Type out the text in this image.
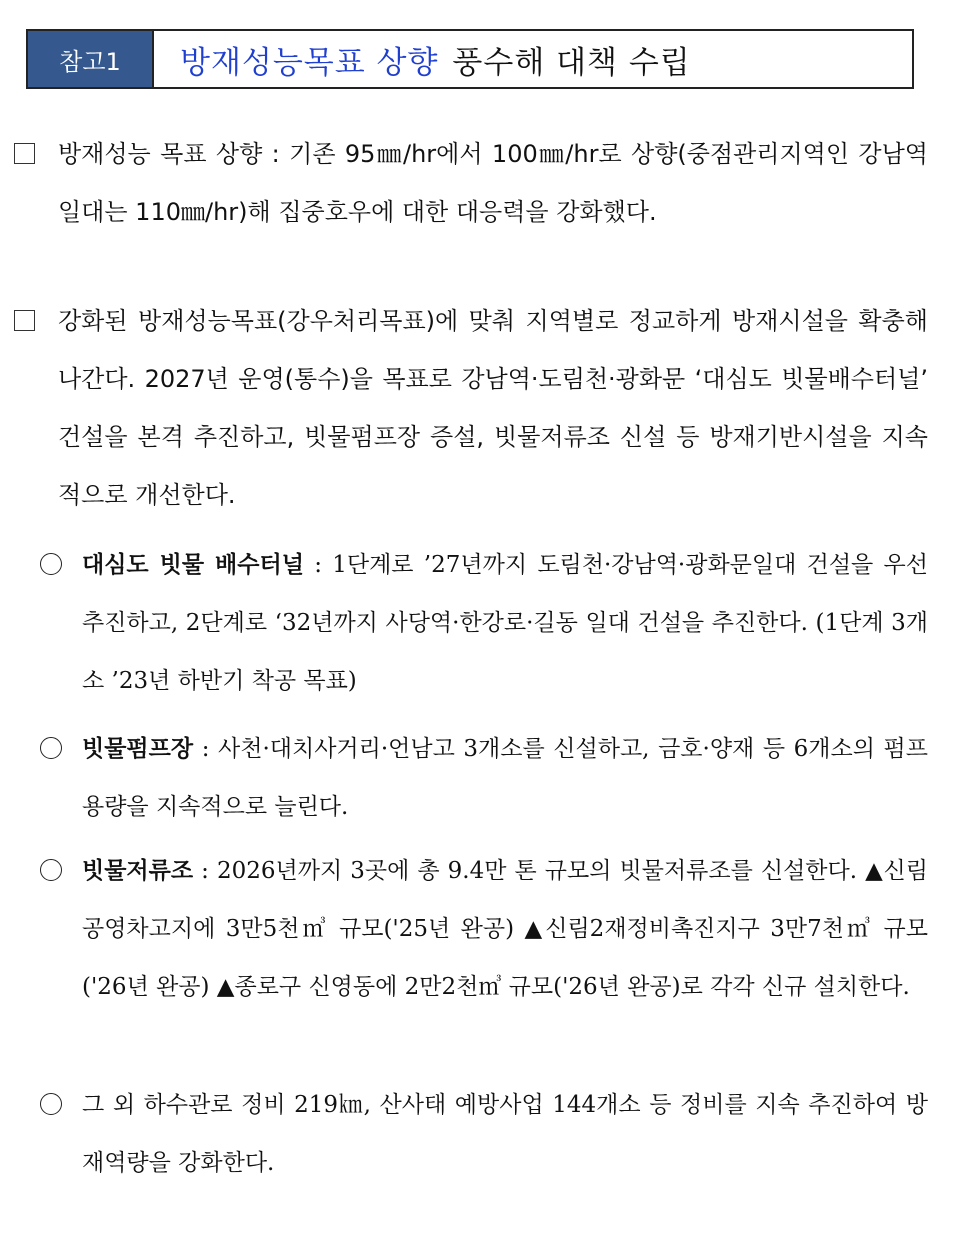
참고1	방재성능목표 상향 풍수해 대책 수립
방재성능 목표 상향 : 기존 95㎜/hr에서 100㎜/hr로 상향(중점관리지역인 강남역 일대는 110㎜/hr)해 집중호우에 대한 대응력을 강화했다.
강화된 방재성능목표(강우처리목표)에 맞춰 지역별로 정교하게 방재시설을 확충해 나간다. 2027년 운영(통수)을 목표로 강남역·도림천·광화문 ‘대심도 빗물배수터널’ 건설을 본격 추진하고, 빗물펌프장 증설, 빗물저류조 신설 등 방재기반시설을 지속적으로 개선한다.
대심도 빗물 배수터널 : 1단계로 ’27년까지 도림천·강남역·광화문일대 건설을 우선 추진하고, 2단계로 ‘32년까지 사당역·한강로·길동 일대 건설을 추진한다. (1단계 3개소 ’23년 하반기 착공 목표)
빗물펌프장 : 사천·대치사거리·언남고 3개소를 신설하고, 금호·양재 등 6개소의 펌프 용량을 지속적으로 늘린다.
빗물저류조 : 2026년까지 3곳에 총 9.4만 톤 규모의 빗물저류조를 신설한다. ▲신림공영차고지에 3만5천㎥ 규모('25년 완공) ▲신림2재정비촉진지구 3만7천㎥ 규모('26년 완공) ▲종로구 신영동에 2만2천㎥ 규모('26년 완공)로 각각 신규 설치한다.
그 외 하수관로 정비 219㎞, 산사태 예방사업 144개소 등 정비를 지속 추진하여 방재역량을 강화한다.
